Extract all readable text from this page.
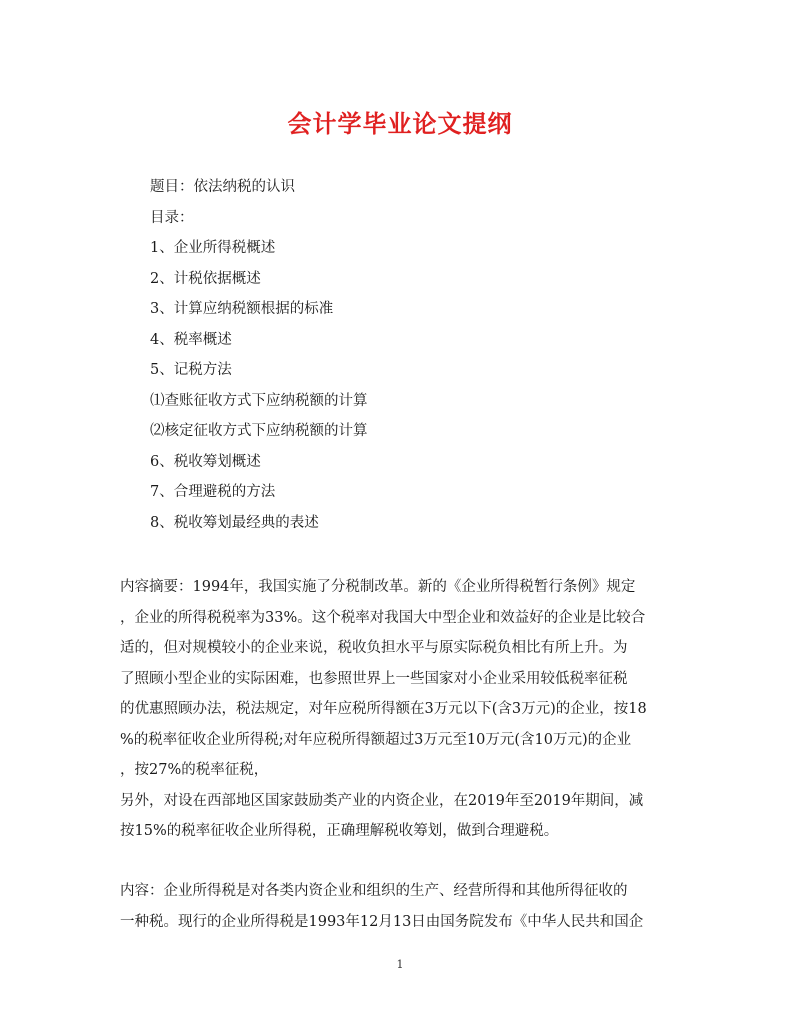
会计学毕业论文提纲
题目：依法纳税的认识
目录：
1、企业所得税概述
2、计税依据概述
3、计算应纳税额根据的标准
4、税率概述
5、记税方法
⑴查账征收方式下应纳税额的计算
⑵核定征收方式下应纳税额的计算
6、税收筹划概述
7、合理避税的方法
8、税收筹划最经典的表述
内容摘要：1994年，我国实施了分税制改革。新的《企业所得税暂行条例》规定
，企业的所得税税率为33%。这个税率对我国大中型企业和效益好的企业是比较合
适的，但对规模较小的企业来说，税收负担水平与原实际税负相比有所上升。为
了照顾小型企业的实际困难，也参照世界上一些国家对小企业采用较低税率征税
的优惠照顾办法，税法规定，对年应税所得额在3万元以下(含3万元)的企业，按18
%的税率征收企业所得税;对年应税所得额超过3万元至10万元(含10万元)的企业
，按27%的税率征税，
另外，对设在西部地区国家鼓励类产业的内资企业，在2019年至2019年期间，减
按15%的税率征收企业所得税，正确理解税收筹划，做到合理避税。
内容：企业所得税是对各类内资企业和组织的生产、经营所得和其他所得征收的
一种税。现行的企业所得税是1993年12月13日由国务院发布《中华人民共和国企
1
